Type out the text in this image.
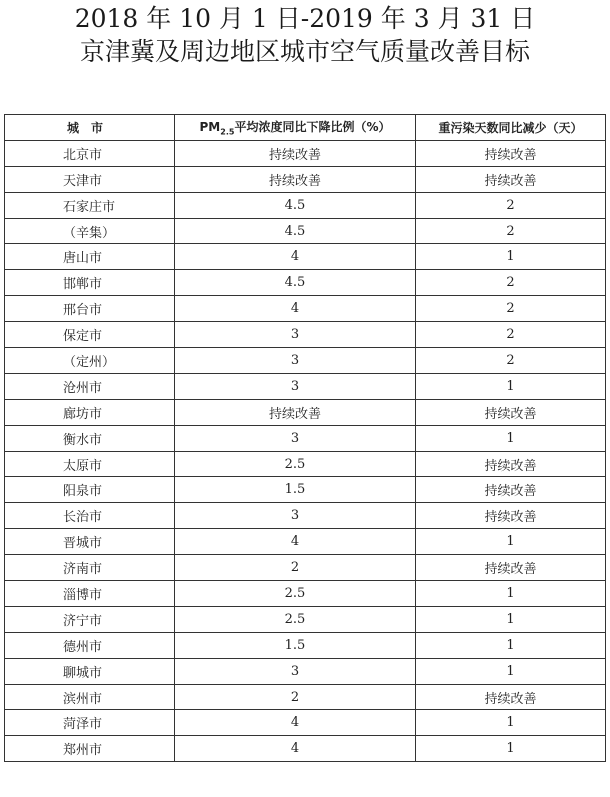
2018 年 10 月 1 日-2019 年 3 月 31 日
京津冀及周边地区城市空气质量改善目标
城　市	$PM_{2.5}$平均浓度同比下降比例（%）	重污染天数同比减少（天）
北京市	持续改善	持续改善
天津市	持续改善	持续改善
石家庄市	4.5	2
（辛集）	4.5	2
唐山市	4	1
邯郸市	4.5	2
邢台市	4	2
保定市	3	2
（定州）	3	2
沧州市	3	1
廊坊市	持续改善	持续改善
衡水市	3	1
太原市	2.5	持续改善
阳泉市	1.5	持续改善
长治市	3	持续改善
晋城市	4	1
济南市	2	持续改善
淄博市	2.5	1
济宁市	2.5	1
德州市	1.5	1
聊城市	3	1
滨州市	2	持续改善
菏泽市	4	1
郑州市	4	1
